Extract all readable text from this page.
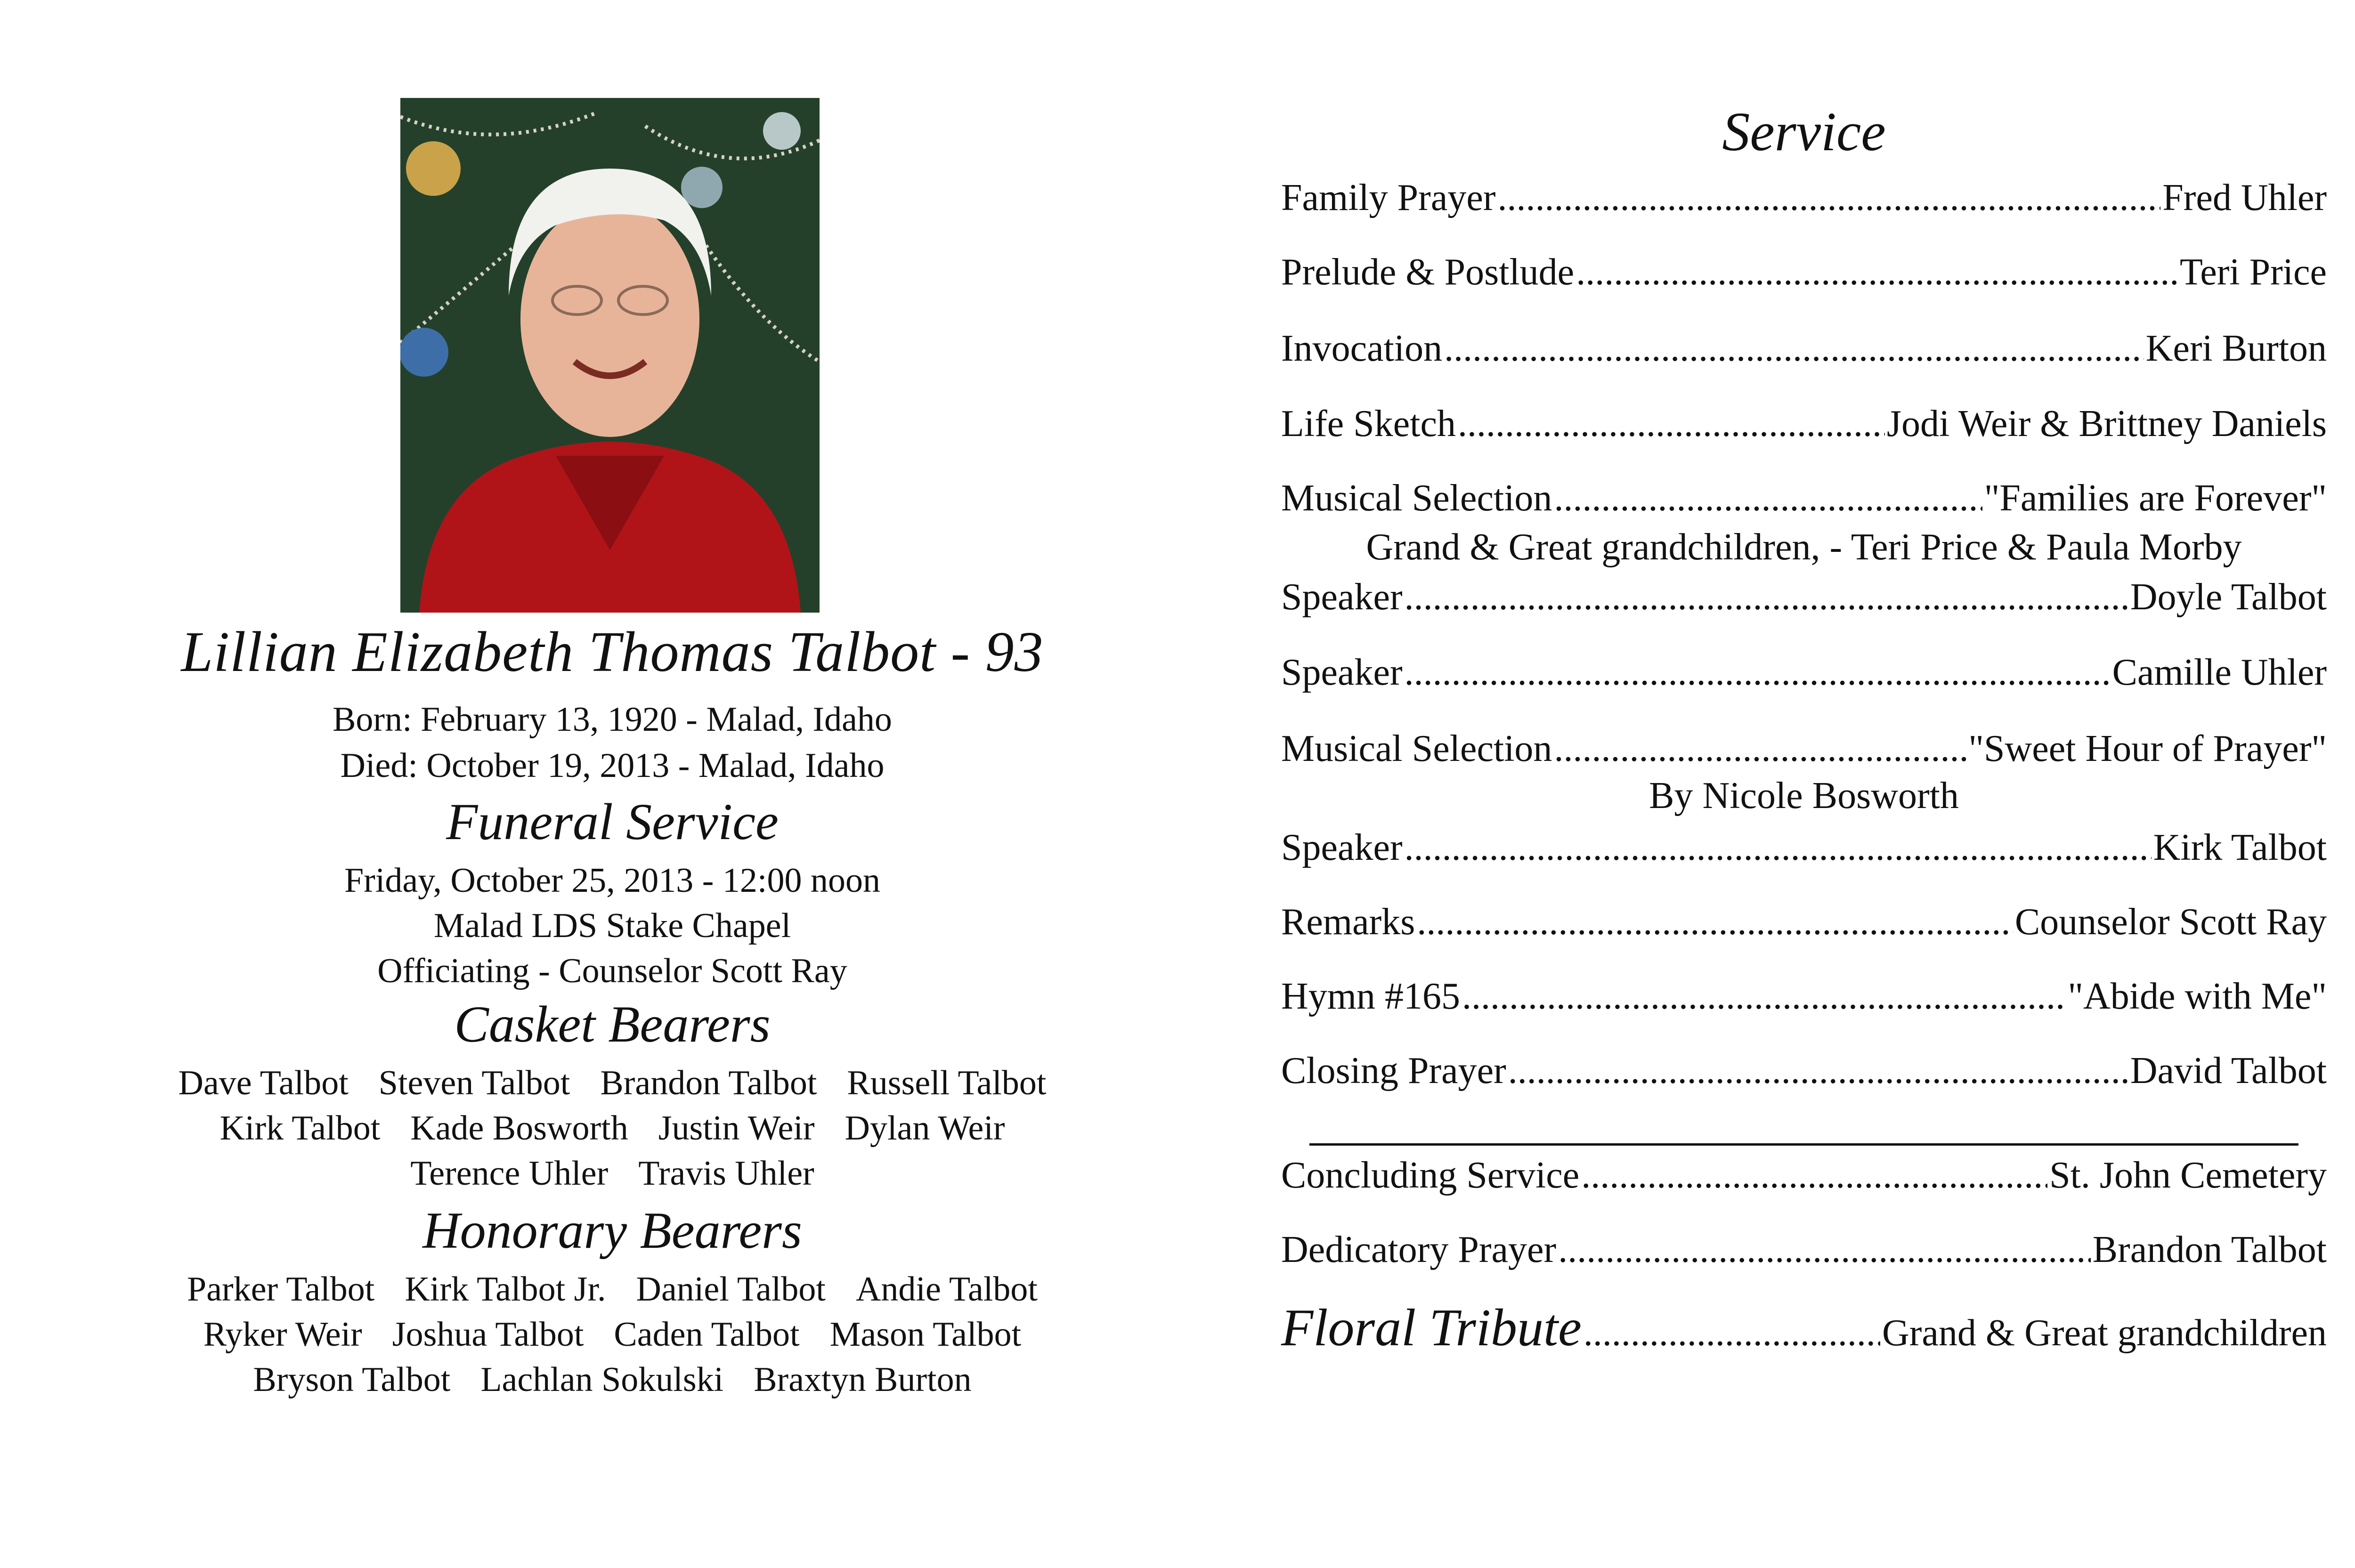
Lillian Elizabeth Thomas Talbot - 93
Born: February 13, 1920 - Malad, Idaho
Died: October 19, 2013 - Malad, Idaho
Funeral Service
Friday, October 25, 2013 - 12:00 noon
Malad LDS Stake Chapel
Officiating - Counselor Scott Ray
Casket Bearers
Dave Talbot Steven Talbot Brandon Talbot Russell Talbot
Kirk Talbot Kade Bosworth Justin Weir Dylan Weir
Terence Uhler Travis Uhler
Honorary Bearers
Parker Talbot Kirk Talbot Jr. Daniel Talbot Andie Talbot
Ryker Weir Joshua Talbot Caden Talbot Mason Talbot
Bryson Talbot Lachlan Sokulski Braxtyn Burton
Service
Family Prayer .....	Fred Uhler
Prelude & Postlude .....	Teri Price
Invocation .....	Keri Burton
Life Sketch .....	Jodi Weir & Brittney Daniels
Musical Selection .....	"Families are Forever"
Grand & Great grandchildren, - Teri Price & Paula Morby
Speaker .....	Doyle Talbot
Speaker .....	Camille Uhler
Musical Selection .....	"Sweet Hour of Prayer"
By Nicole Bosworth
Speaker .....	Kirk Talbot
Remarks .....	Counselor Scott Ray
Hymn #165 .....	"Abide with Me"
Closing Prayer .....	David Talbot
Concluding Service .....	St. John Cemetery
Dedicatory Prayer .....	Brandon Talbot
Floral Tribute .....	Grand & Great grandchildren
